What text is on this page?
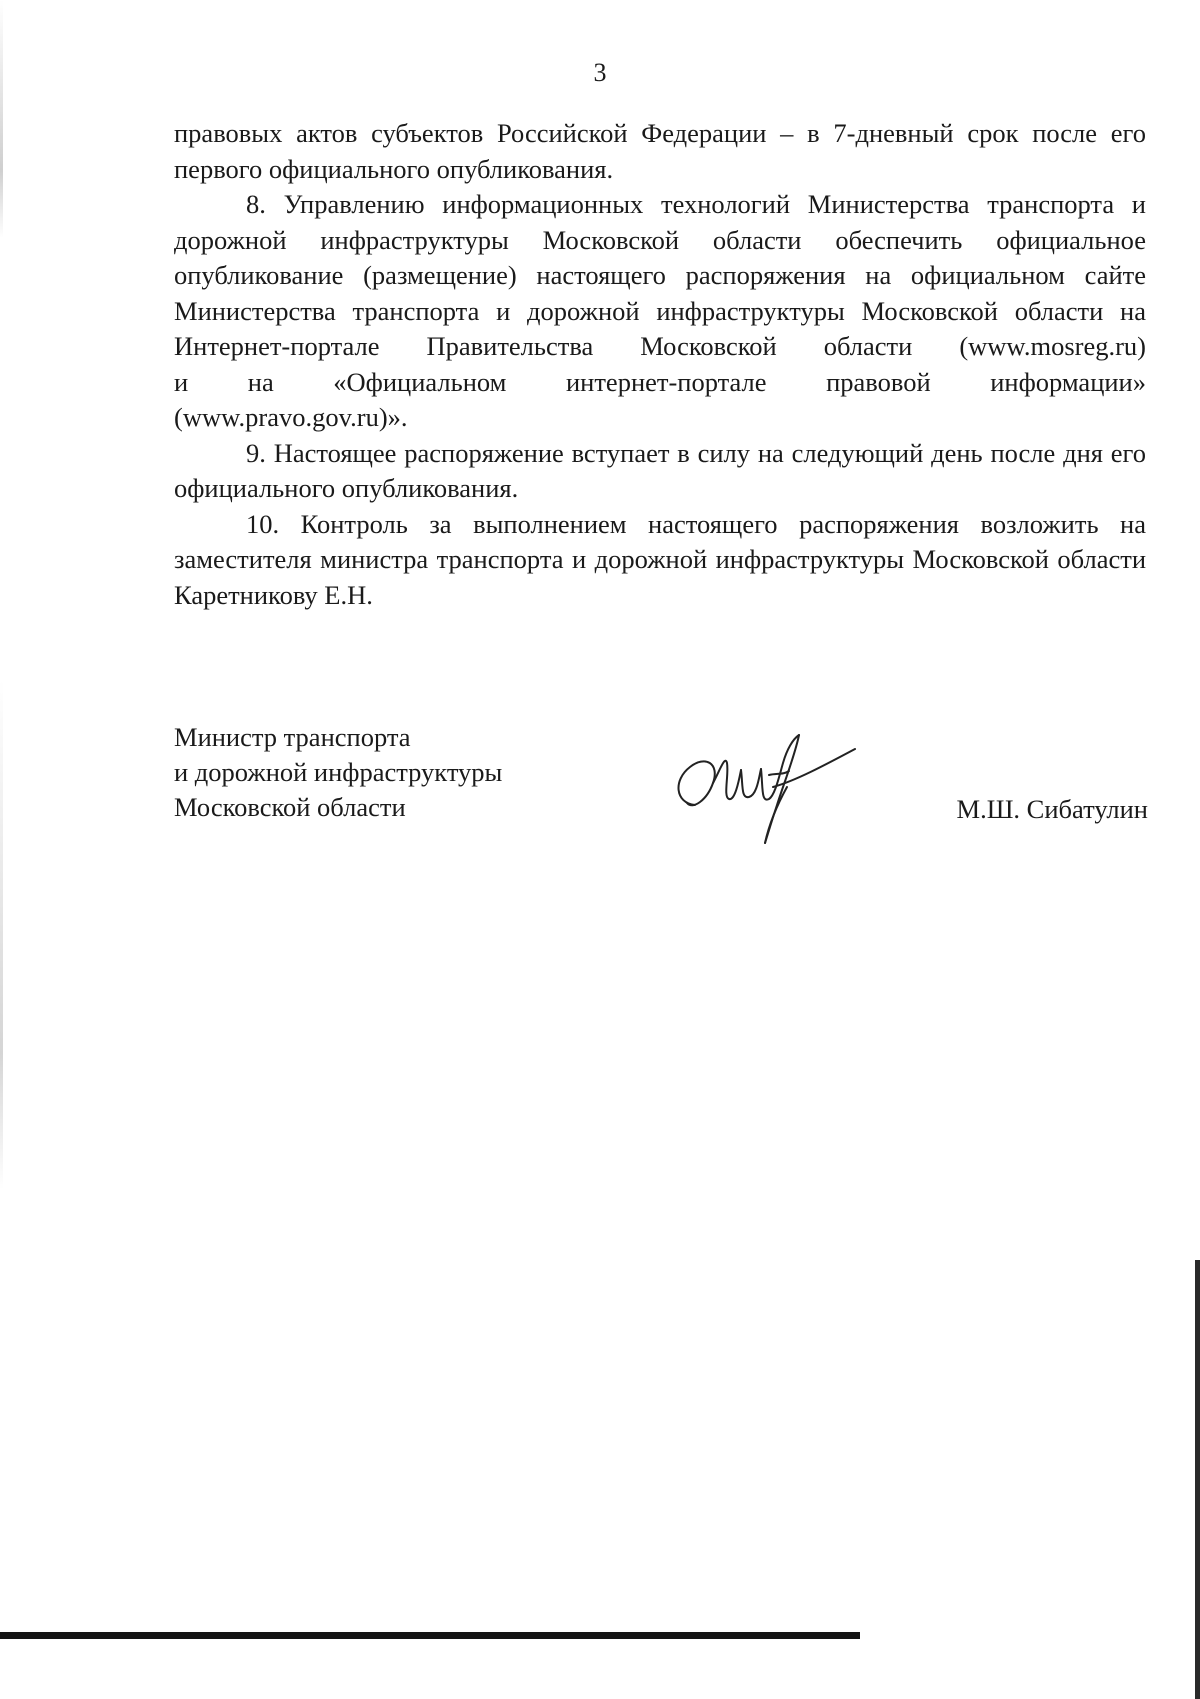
3

правовых актов субъектов Российской Федерации – в 7-дневный срок после его первого официального опубликования.

8. Управлению информационных технологий Министерства транспорта и дорожной инфраструктуры Московской области обеспечить официальное опубликование (размещение) настоящего распоряжения на официальном сайте Министерства транспорта и дорожной инфраструктуры Московской области на Интернет-портале Правительства Московской области (www.mosreg.ru)

и на «Официальном интернет-портале правовой информации»

(www.pravo.gov.ru)».

9. Настоящее распоряжение вступает в силу на следующий день после дня его официального опубликования.

10. Контроль за выполнением настоящего распоряжения возложить на заместителя министра транспорта и дорожной инфраструктуры Московской области Каретникову Е.Н.

Министр транспорта
и дорожной инфраструктуры
Московской области	М.Ш. Сибатулин
